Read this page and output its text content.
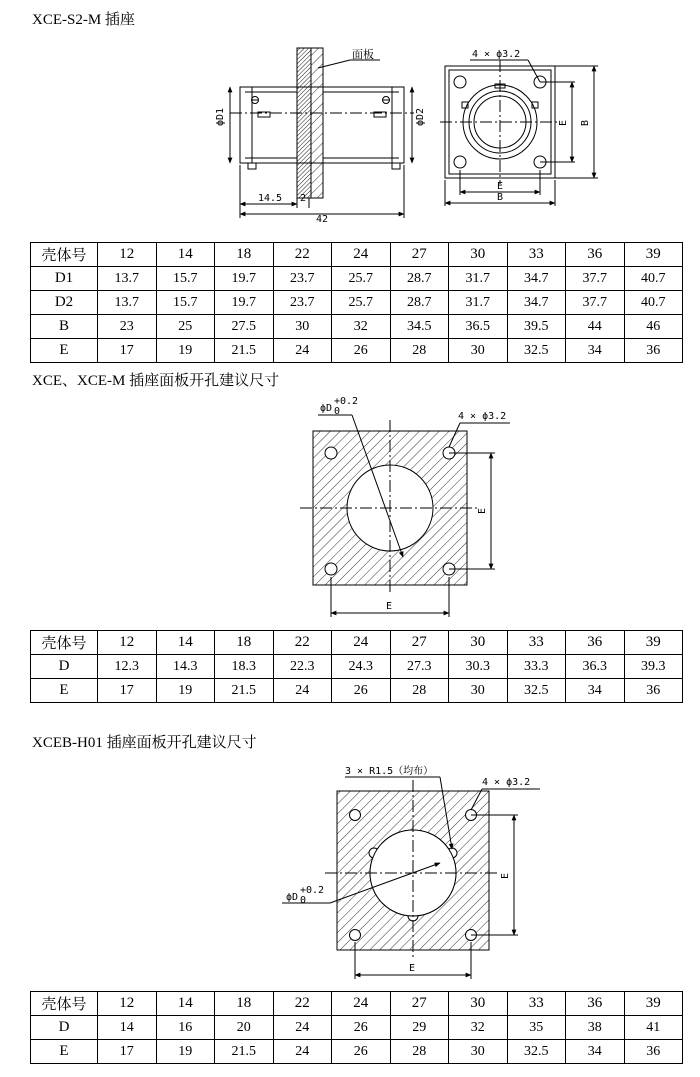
XCE-S2-M 插座
面板
ϕD1	ϕD2
14.5 2
42
4 × ϕ3.2
E B
E
B
壳体号	12	14	18	22	24	27	30	33	36	39
D1	13.7	15.7	19.7	23.7	25.7	28.7	31.7	34.7	37.7	40.7
D2	13.7	15.7	19.7	23.7	25.7	28.7	31.7	34.7	37.7	40.7
B	23	25	27.5	30	32	34.5	36.5	39.5	44	46
E	17	19	21.5	24	26	28	30	32.5	34	36
XCE、XCE-M 插座面板开孔建议尺寸
ϕD
+0.2
0	4 × ϕ3.2
E
E
壳体号	12	14	18	22	24	27	30	33	36	39
D	12.3	14.3	18.3	22.3	24.3	27.3	30.3	33.3	36.3	39.3
E	17	19	21.5	24	26	28	30	32.5	34	36
XCEB-H01 插座面板开孔建议尺寸
3 × R1.5（均布）
4 × ϕ3.2
ϕD
+0.2
0
E
E
壳体号	12	14	18	22	24	27	30	33	36	39
D	14	16	20	24	26	29	32	35	38	41
E	17	19	21.5	24	26	28	30	32.5	34	36
